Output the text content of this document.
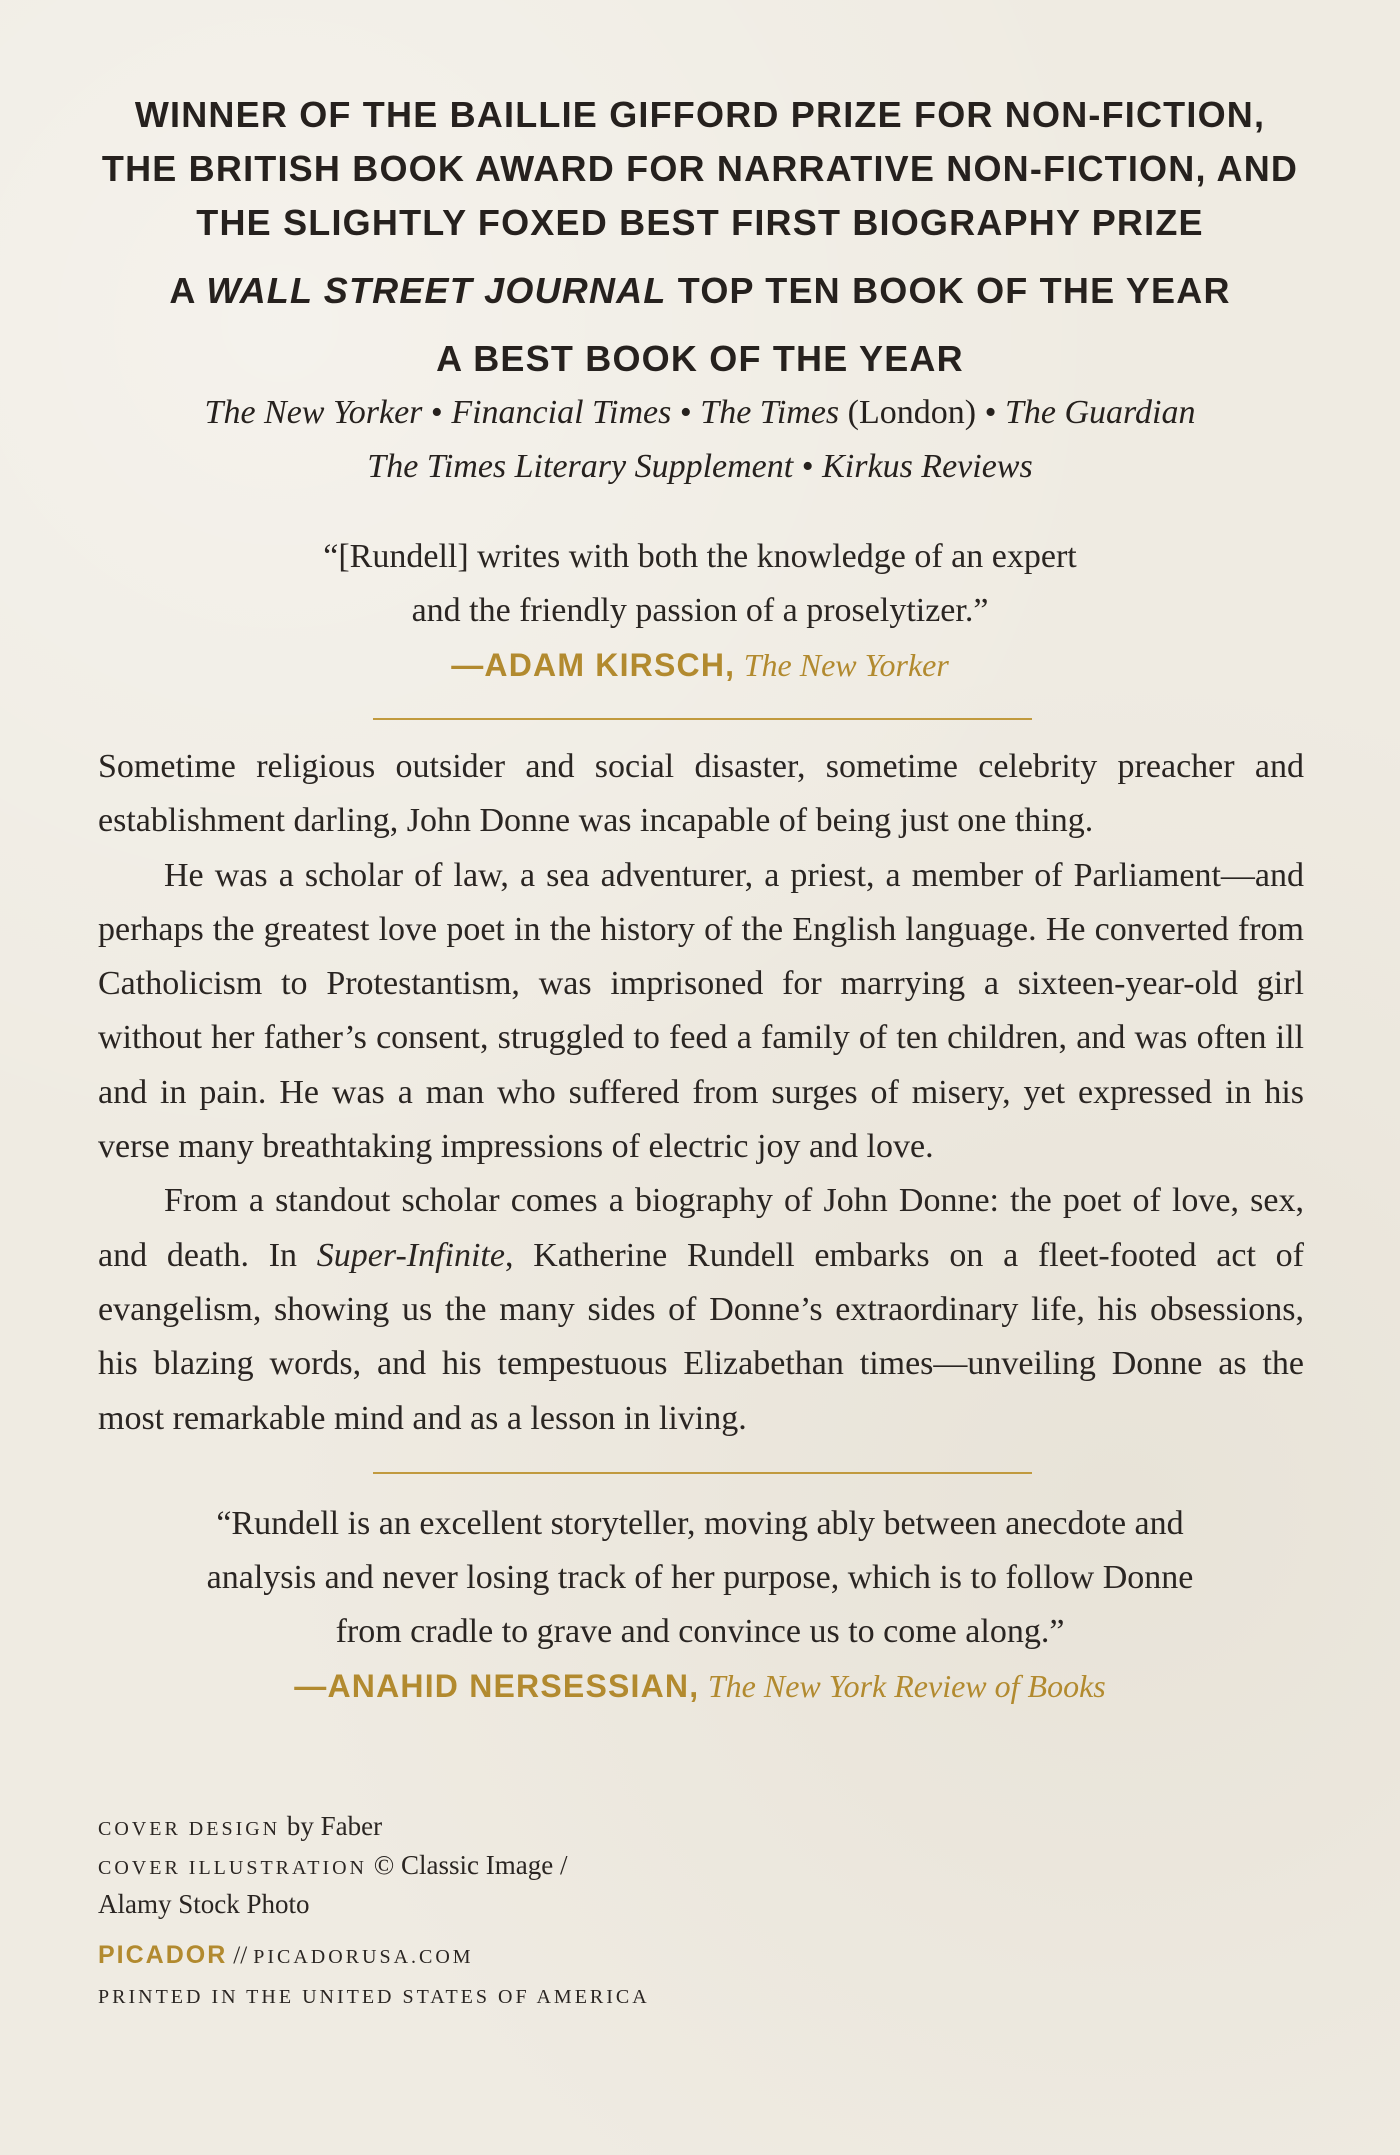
WINNER OF THE BAILLIE GIFFORD PRIZE FOR NON-FICTION,
THE BRITISH BOOK AWARD FOR NARRATIVE NON-FICTION, AND
THE SLIGHTLY FOXED BEST FIRST BIOGRAPHY PRIZE
A WALL STREET JOURNAL TOP TEN BOOK OF THE YEAR
A BEST BOOK OF THE YEAR
The New Yorker • Financial Times • The Times (London) • The Guardian
The Times Literary Supplement • Kirkus Reviews
“[Rundell] writes with both the knowledge of an expert
and the friendly passion of a proselytizer.”
—ADAM KIRSCH, The New Yorker

Sometime religious outsider and social disaster, sometime celebrity preacher and establishment darling, John Donne was incapable of being just one thing.

He was a scholar of law, a sea adventurer, a priest, a member of Parliament—and perhaps the greatest love poet in the history of the English language. He converted from Catholicism to Protestantism, was imprisoned for marrying a sixteen-year-old girl without her father’s consent, struggled to feed a family of ten children, and was often ill and in pain. He was a man who suffered from surges of misery, yet expressed in his verse many breathtaking impressions of electric joy and love.

From a standout scholar comes a biography of John Donne: the poet of love, sex, and death. In Super-Infinite, Katherine Rundell embarks on a fleet-footed act of evangelism, showing us the many sides of Donne’s extraordinary life, his obsessions, his blazing words, and his tempestuous Elizabethan times—unveiling Donne as the most remarkable mind and as a lesson in living.

“Rundell is an excellent storyteller, moving ably between anecdote and
analysis and never losing track of her purpose, which is to follow Donne
from cradle to grave and convince us to come along.”
—ANAHID NERSESSIAN, The New York Review of Books
COVER DESIGN by Faber
COVER ILLUSTRATION © Classic Image /
Alamy Stock Photo
PICADOR // PICADORUSA.COM
PRINTED IN THE UNITED STATES OF AMERICA
